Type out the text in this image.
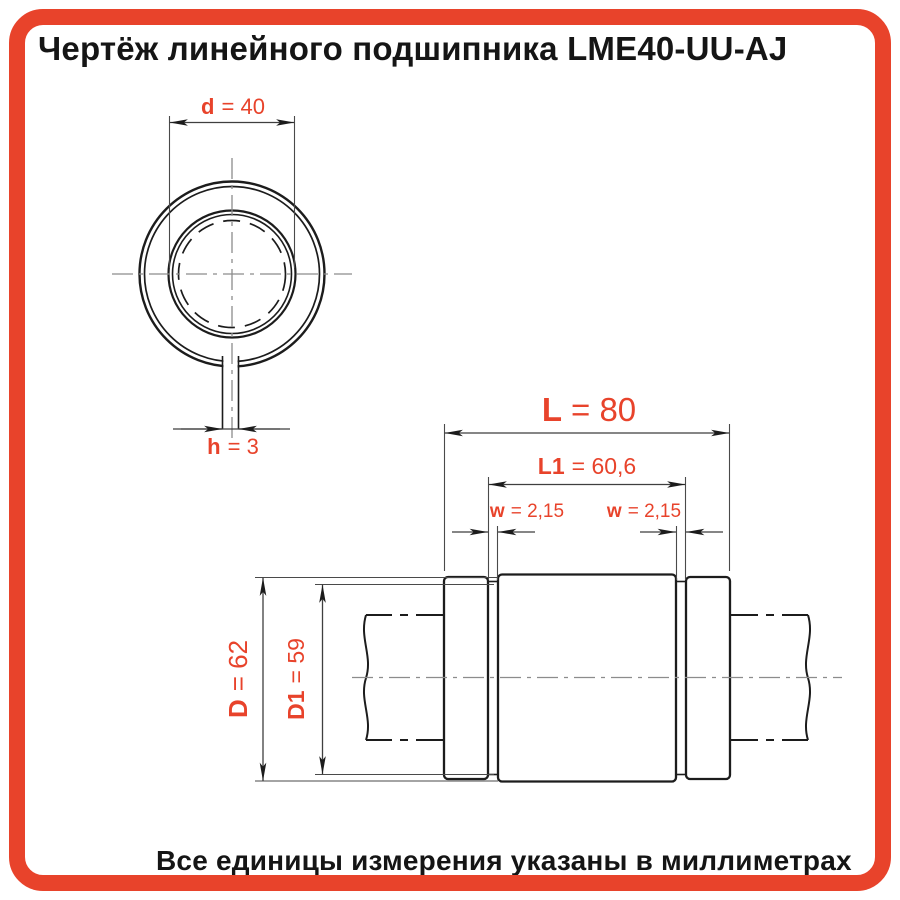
Чертёж линейного подшипника LME40-UU-AJ
d = 40
h = 3
L = 80
L1 = 60,6
w = 2,15 w = 2,15
D= 62
D1= 59
Все единицы измерения указаны в миллиметрах
